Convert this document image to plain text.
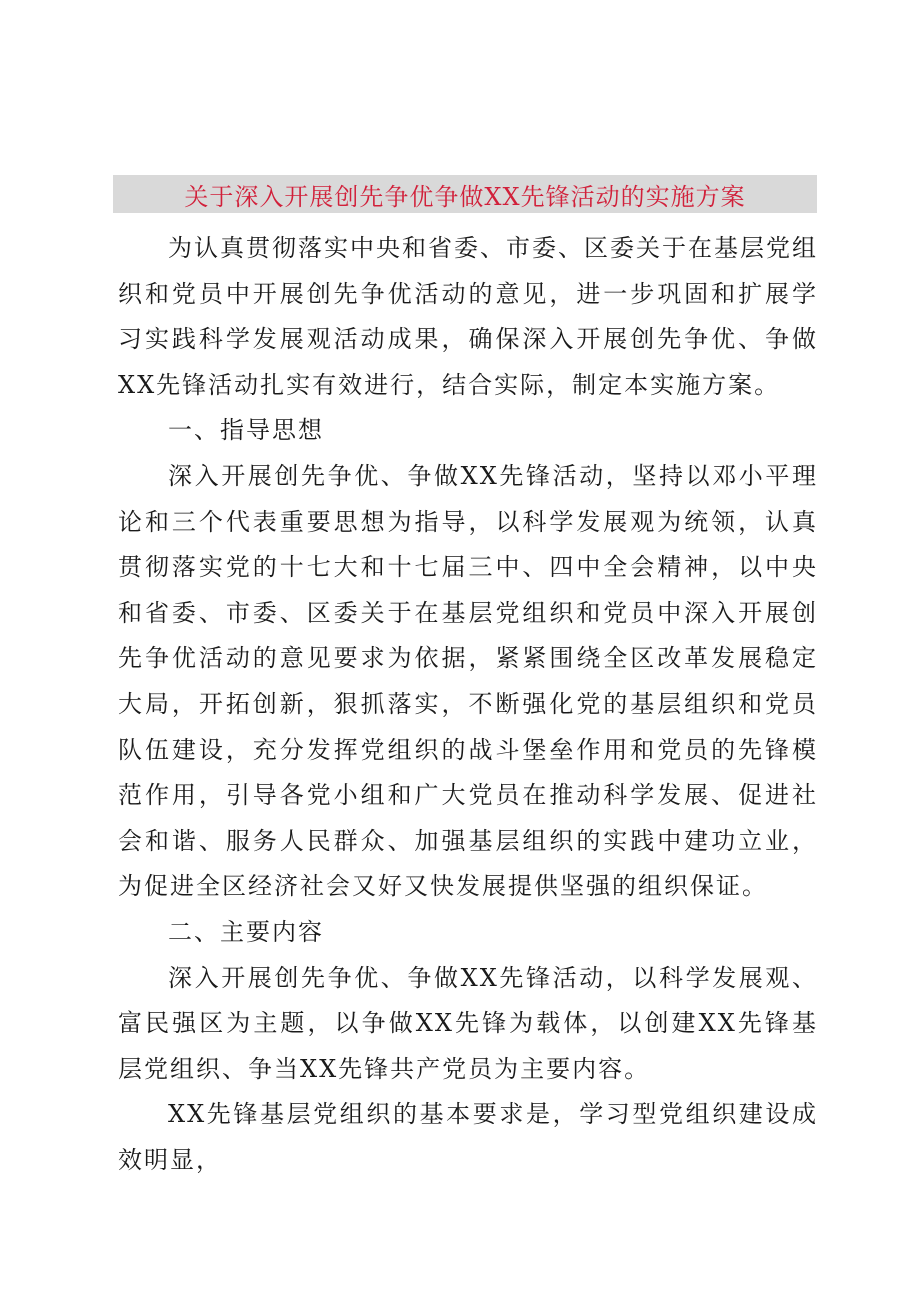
关于深入开展创先争优争做XX先锋活动的实施方案

为认真贯彻落实中央和省委、市委、区委关于在基层党组织和党员中开展创先争优活动的意见，进一步巩固和扩展学习实践科学发展观活动成果，确保深入开展创先争优、争做XX先锋活动扎实有效进行，结合实际，制定本实施方案。

一、指导思想

深入开展创先争优、争做XX先锋活动，坚持以邓小平理论和三个代表重要思想为指导，以科学发展观为统领，认真贯彻落实党的十七大和十七届三中、四中全会精神，以中央和省委、市委、区委关于在基层党组织和党员中深入开展创先争优活动的意见要求为依据，紧紧围绕全区改革发展稳定大局，开拓创新，狠抓落实，不断强化党的基层组织和党员队伍建设，充分发挥党组织的战斗堡垒作用和党员的先锋模范作用，引导各党小组和广大党员在推动科学发展、促进社会和谐、服务人民群众、加强基层组织的实践中建功立业，为促进全区经济社会又好又快发展提供坚强的组织保证。

二、主要内容

深入开展创先争优、争做XX先锋活动，以科学发展观、富民强区为主题，以争做XX先锋为载体，以创建XX先锋基层党组织、争当XX先锋共产党员为主要内容。

XX先锋基层党组织的基本要求是，学习型党组织建设成效明显，
